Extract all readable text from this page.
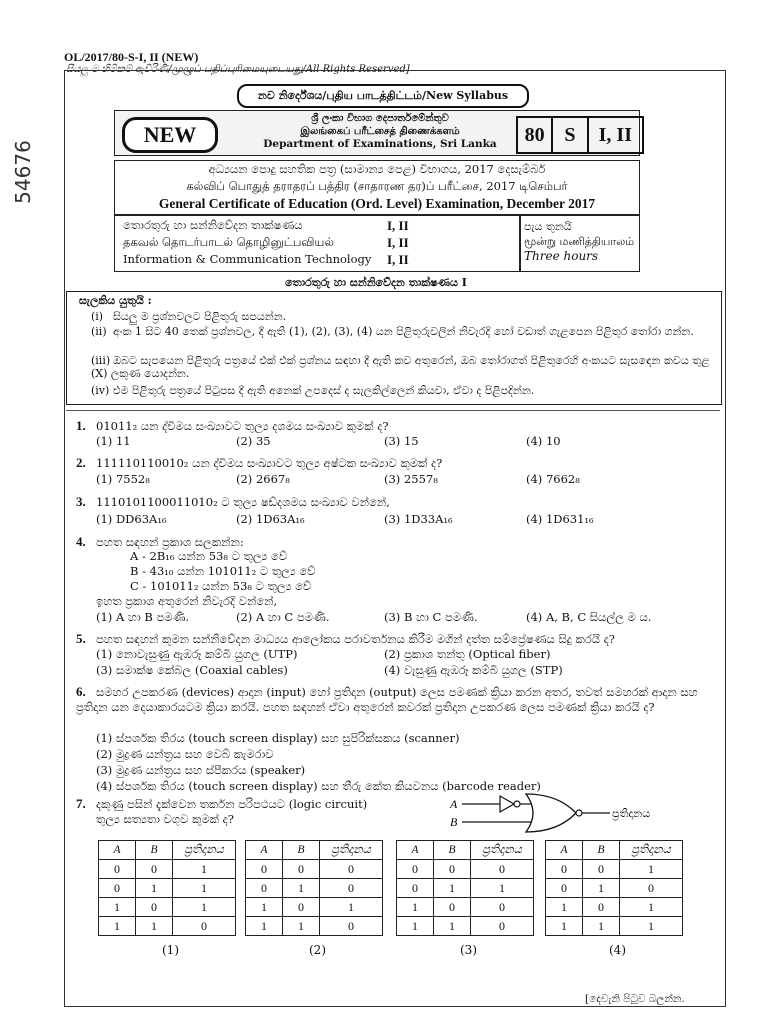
OL/2017/80-S-I, II (NEW)
සියලු ම හිමිකම් ඇවිරිණි/முழுப் பதிப்புரிமையுடையது/All Rights Reserved]
54676
නව නිර්දේශය/புதிய பாடத்திட்டம்/New Syllabus
NEW
ශ්‍රී ලංකා විභාග දෙපාර්තමේන්තුව
இலங்கைப் பரீட்சைத் திணைக்களம்
Department of Examinations, Sri Lanka	80 S	I, II
අධ්‍යයන පොදු සහතික පත්‍ර (සාමාන්‍ය පෙළ) විභාගය, 2017 දෙසැම්බර්
கல்விப் பொதுத் தராதரப் பத்திர (சாதாரண தர)ப் பரீட்சை, 2017 டிசெம்பர்
General Certificate of Education (Ord. Level) Examination, December 2017
තොරතුරු හා සන්නිවේදන තාක්ෂණය	I, II
தகவல் தொடர்பாடல் தொழினுட்பவியல்	I, II
Information & Communication Technology I, II
පැය තුනයි
மூன்று மணித்தியாலம்
Three hours
තොරතුරු හා සන්නිවේදන තාක්ෂණය I
සැලකිය යුතුයි :
(i) සියලු ම ප්‍රශ්නවලට පිළිතුරු සපයන්න.
(ii) අංක 1 සිට 40 තෙක් ප්‍රශ්නවල, දී ඇති (1), (2), (3), (4) යන පිළිතුරුවලින් නිවැරදි හෝ වඩාත් ගැළපෙන පිළිතුර තෝරා ගන්න.
(iii) ඔබට සැපයෙන පිළිතුරු පත්‍රයේ එක් එක් ප්‍රශ්නය සඳහා දී ඇති කව අතුරෙන්, ඔබ තෝරාගත් පිළිතුරෙහි අංකයට සැසඳෙන කවය තුළ (X) ලකුණ යොදන්න.
(iv) එම පිළිතුරු පත්‍රයේ පිටුපස දී ඇති අනෙක් උපදෙස් ද සැලකිල්ලෙන් කියවා, ඒවා ද පිළිපදින්න.
1. 01011₂ යන ද්විමය සංඛ්‍යාවට තුල්‍ය දශමය සංඛ්‍යාව කුමක් ද?
(1) 11	(2) 35	(3) 15	(4) 10
2. 111110110010₂ යන ද්විමය සංඛ්‍යාවට තුල්‍ය අෂ්ටක සංඛ්‍යාව කුමක් ද?
(1) 7552₈	(2) 2667₈	(3) 2557₈	(4) 7662₈
3. 1110101100011010₂ ට තුල්‍ය ෂඩ්දශමය සංඛ්‍යාව වන්නේ,
(1) DD63A₁₆	(2) 1D63A₁₆	(3) 1D33A₁₆	(4) 1D631₁₆
4. පහත සඳහන් ප්‍රකාශ සලකන්න:
A - 2B₁₆ යන්න 53₈ ට තුල්‍ය වේ
B - 43₁₀ යන්න 101011₂ ට තුල්‍ය වේ
C - 101011₂ යන්න 53₈ ට තුල්‍ය වේ
ඉහත ප්‍රකාශ අතුරෙන් නිවැරදි වන්නේ,
(1) A හා B පමණි.	(2) A හා C පමණි.	(3) B හා C පමණි.	(4) A, B, C සියල්ල ම ය.
5. පහත සඳහන් කුමන සන්නිවේදන මාධ්‍යය ආලෝකය පරාවර්තනය කිරීම මගින් දත්ත සම්ප්‍රේෂණය සිදු කරයි ද?
(1) නොවැසුණු ඇඹරූ කම්බි යුගල (UTP)	(2) ප්‍රකාශ තන්තු (Optical fiber)
(3) සමාක්ෂ කේබල (Coaxial cables)	(4) වැසුණු ඇඹරූ කම්බි යුගල (STP)
6. සමහර උපකරණ (devices) ආදාන (input) හෝ ප්‍රතිදාන (output) ලෙස පමණක් ක්‍රියා කරන අතර, තවත් සමහරක් ආදාන සහ ප්‍රතිදාන යන දෙයාකාරයටම ක්‍රියා කරයි. පහත සඳහන් ඒවා අතුරෙන් කවරක් ප්‍රතිදාන උපකරණ ලෙස පමණක් ක්‍රියා කරයි ද?
(1) ස්පර්ශක තිරය (touch screen display) සහ සුපිරික්සකය (scanner)
(2) මුද්‍රණ යන්ත්‍රය සහ වෙබ් කැමරාව
(3) මුද්‍රණ යන්ත්‍රය සහ ස්පීකරය (speaker)
(4) ස්පර්ශක තිරය (touch screen display) සහ තීරු කේත කියවනය (barcode reader)
7. දකුණු පසින් දැක්වෙන තර්කන පරිපථයට (logic circuit)
තුල්‍ය සත්‍යතා වගුව කුමක් ද?
A
B
ප්‍රතිදානය
A	B	ප්‍රතිදානය
0	0	1
0	1	1
1	0	1
1	1	0
A	B	ප්‍රතිදානය
0	0	0
0	1	0
1	0	1
1	1	0
A	B	ප්‍රතිදානය
0	0	0
0	1	1
1	0	0
1	1	0
A	B	ප්‍රතිදානය
0	0	1
0	1	0
1	0	1
1	1	1
(1)	(2)	(3)	(4)
[දෙවැනි පිටුව බලන්න.
